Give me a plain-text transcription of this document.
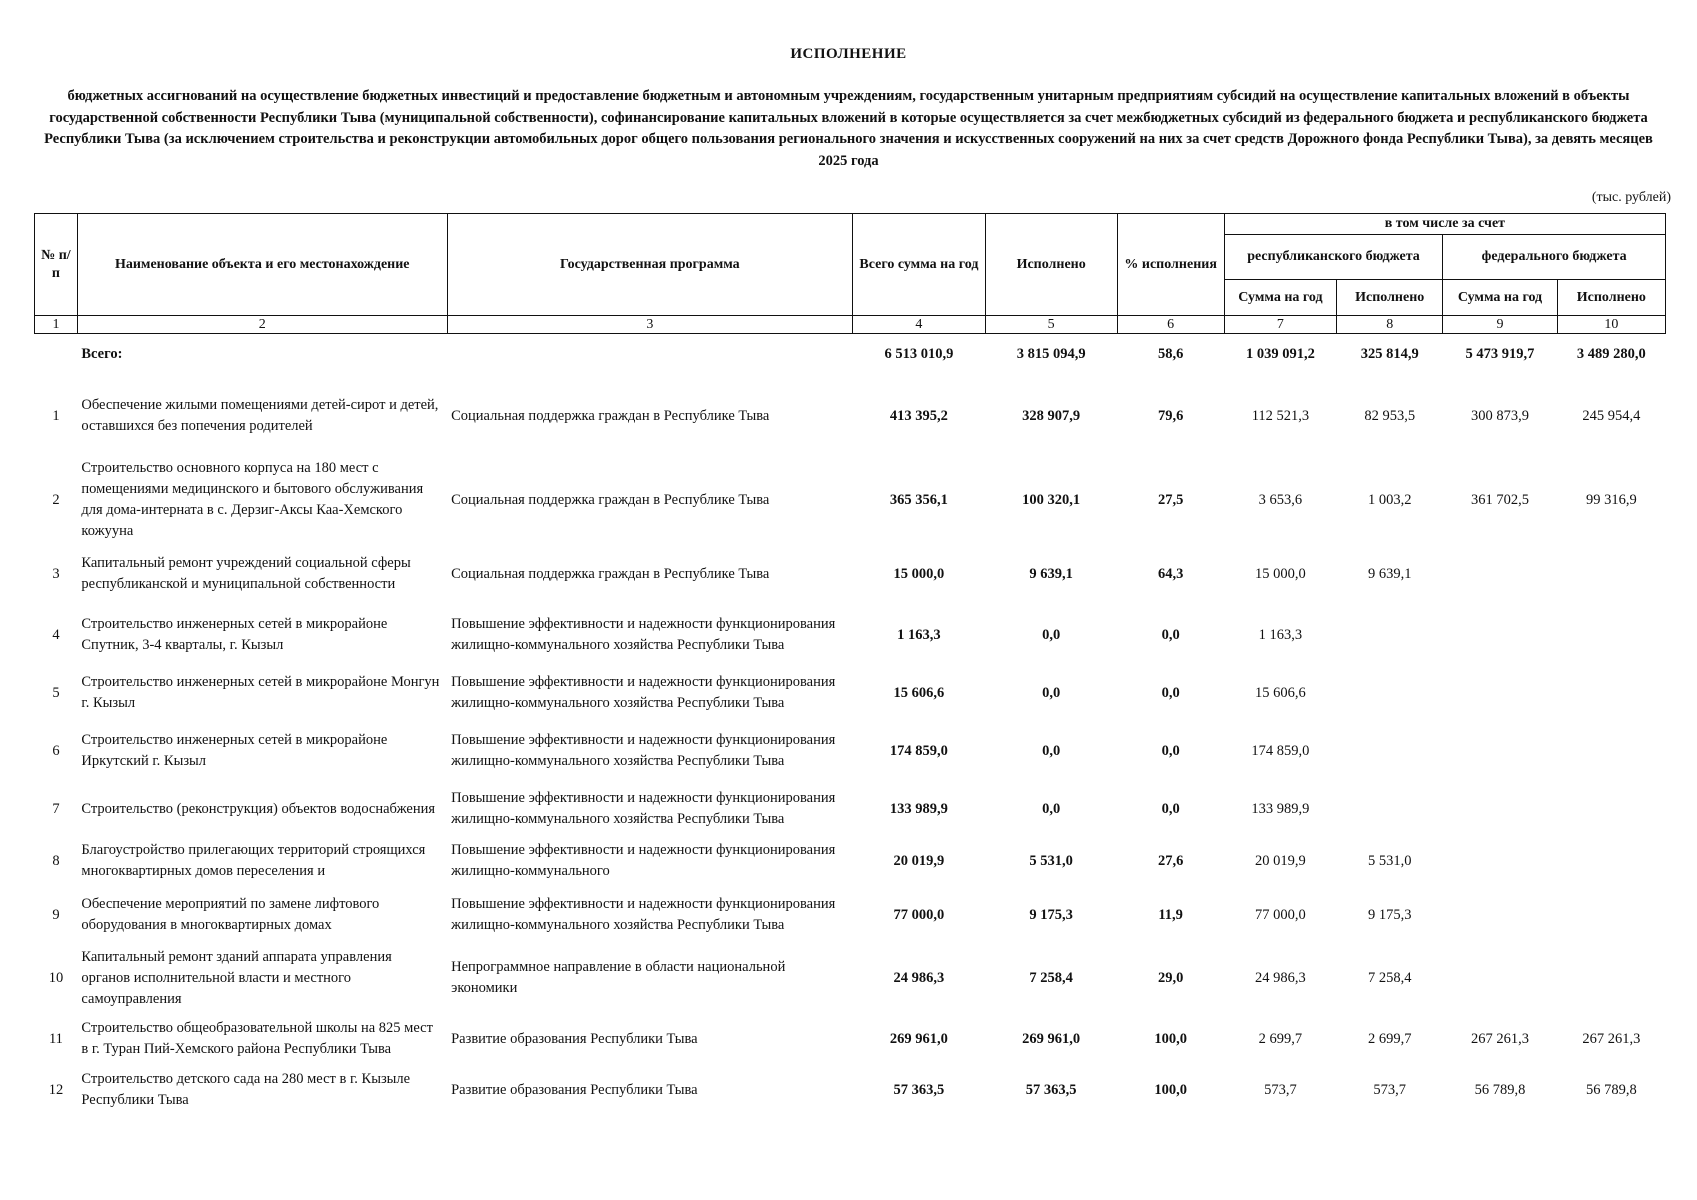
ИСПОЛНЕНИЕ
бюджетных ассигнований на осуществление бюджетных инвестиций и предоставление бюджетным и автономным учреждениям, государственным унитарным предприятиям субсидий на осуществление капитальных вложений в объекты государственной собственности Республики Тыва (муниципальной собственности), софинансирование капитальных вложений в которые осуществляется за счет межбюджетных субсидий из федерального бюджета и республиканского бюджета Республики Тыва (за исключением строительства и реконструкции автомобильных дорог общего пользования регионального значения и искусственных сооружений на них за счет средств Дорожного фонда Республики Тыва), за девять месяцев 2025 года
(тыс. рублей)
№ п/п	Наименование объекта и его местонахождение	Государственная программа	Всего сумма на год	Исполнено	% исполнения	в том числе за счет			
						республиканского бюджета		федерального бюджета	
						Сумма на год	Исполнено	Сумма на год	Исполнено
1	2	3	4	5	6	7	8	9	10
	Всего:		6 513 010,9	3 815 094,9	58,6	1 039 091,2	325 814,9	5 473 919,7	3 489 280,0
1	Обеспечение жилыми помещениями детей-сирот и детей, оставшихся без попечения родителей	Социальная поддержка граждан в Республике Тыва	413 395,2	328 907,9	79,6	112 521,3	82 953,5	300 873,9	245 954,4
2	Строительство основного корпуса на 180 мест с помещениями медицинского и бытового обслуживания для дома-интерната в с. Дерзиг-Аксы Каа-Хемского кожууна	Социальная поддержка граждан в Республике Тыва	365 356,1	100 320,1	27,5	3 653,6	1 003,2	361 702,5	99 316,9
3	Капитальный ремонт учреждений социальной сферы республиканской и муниципальной собственности	Социальная поддержка граждан в Республике Тыва	15 000,0	9 639,1	64,3	15 000,0	9 639,1		
4	Строительство инженерных сетей в микрорайоне Спутник, 3-4 кварталы, г. Кызыл	Повышение эффективности и надежности функционирования жилищно-коммунального хозяйства Республики Тыва	1 163,3	0,0	0,0	1 163,3			
5	Строительство инженерных сетей в микрорайоне Монгун г. Кызыл	Повышение эффективности и надежности функционирования жилищно-коммунального хозяйства Республики Тыва	15 606,6	0,0	0,0	15 606,6			
6	Строительство инженерных сетей в микрорайоне Иркутский г. Кызыл	Повышение эффективности и надежности функционирования жилищно-коммунального хозяйства Республики Тыва	174 859,0	0,0	0,0	174 859,0			
7	Строительство (реконструкция) объектов водоснабжения	Повышение эффективности и надежности функционирования жилищно-коммунального хозяйства Республики Тыва	133 989,9	0,0	0,0	133 989,9			
8	Благоустройство прилегающих территорий строящихся многоквартирных домов переселения и	Повышение эффективности и надежности функционирования жилищно-коммунального	20 019,9	5 531,0	27,6	20 019,9	5 531,0		
9	Обеспечение мероприятий по замене лифтового оборудования в многоквартирных домах	Повышение эффективности и надежности функционирования жилищно-коммунального хозяйства Республики Тыва	77 000,0	9 175,3	11,9	77 000,0	9 175,3		
10	Капитальный ремонт зданий аппарата управления органов исполнительной власти и местного самоуправления	Непрограммное направление в области национальной экономики	24 986,3	7 258,4	29,0	24 986,3	7 258,4		
11	Строительство общеобразовательной школы на 825 мест в г. Туран Пий-Хемского района Республики Тыва	Развитие образования Республики Тыва	269 961,0	269 961,0	100,0	2 699,7	2 699,7	267 261,3	267 261,3
12	Строительство детского сада на 280 мест в г. Кызыле Республики Тыва	Развитие образования Республики Тыва	57 363,5	57 363,5	100,0	573,7	573,7	56 789,8	56 789,8
